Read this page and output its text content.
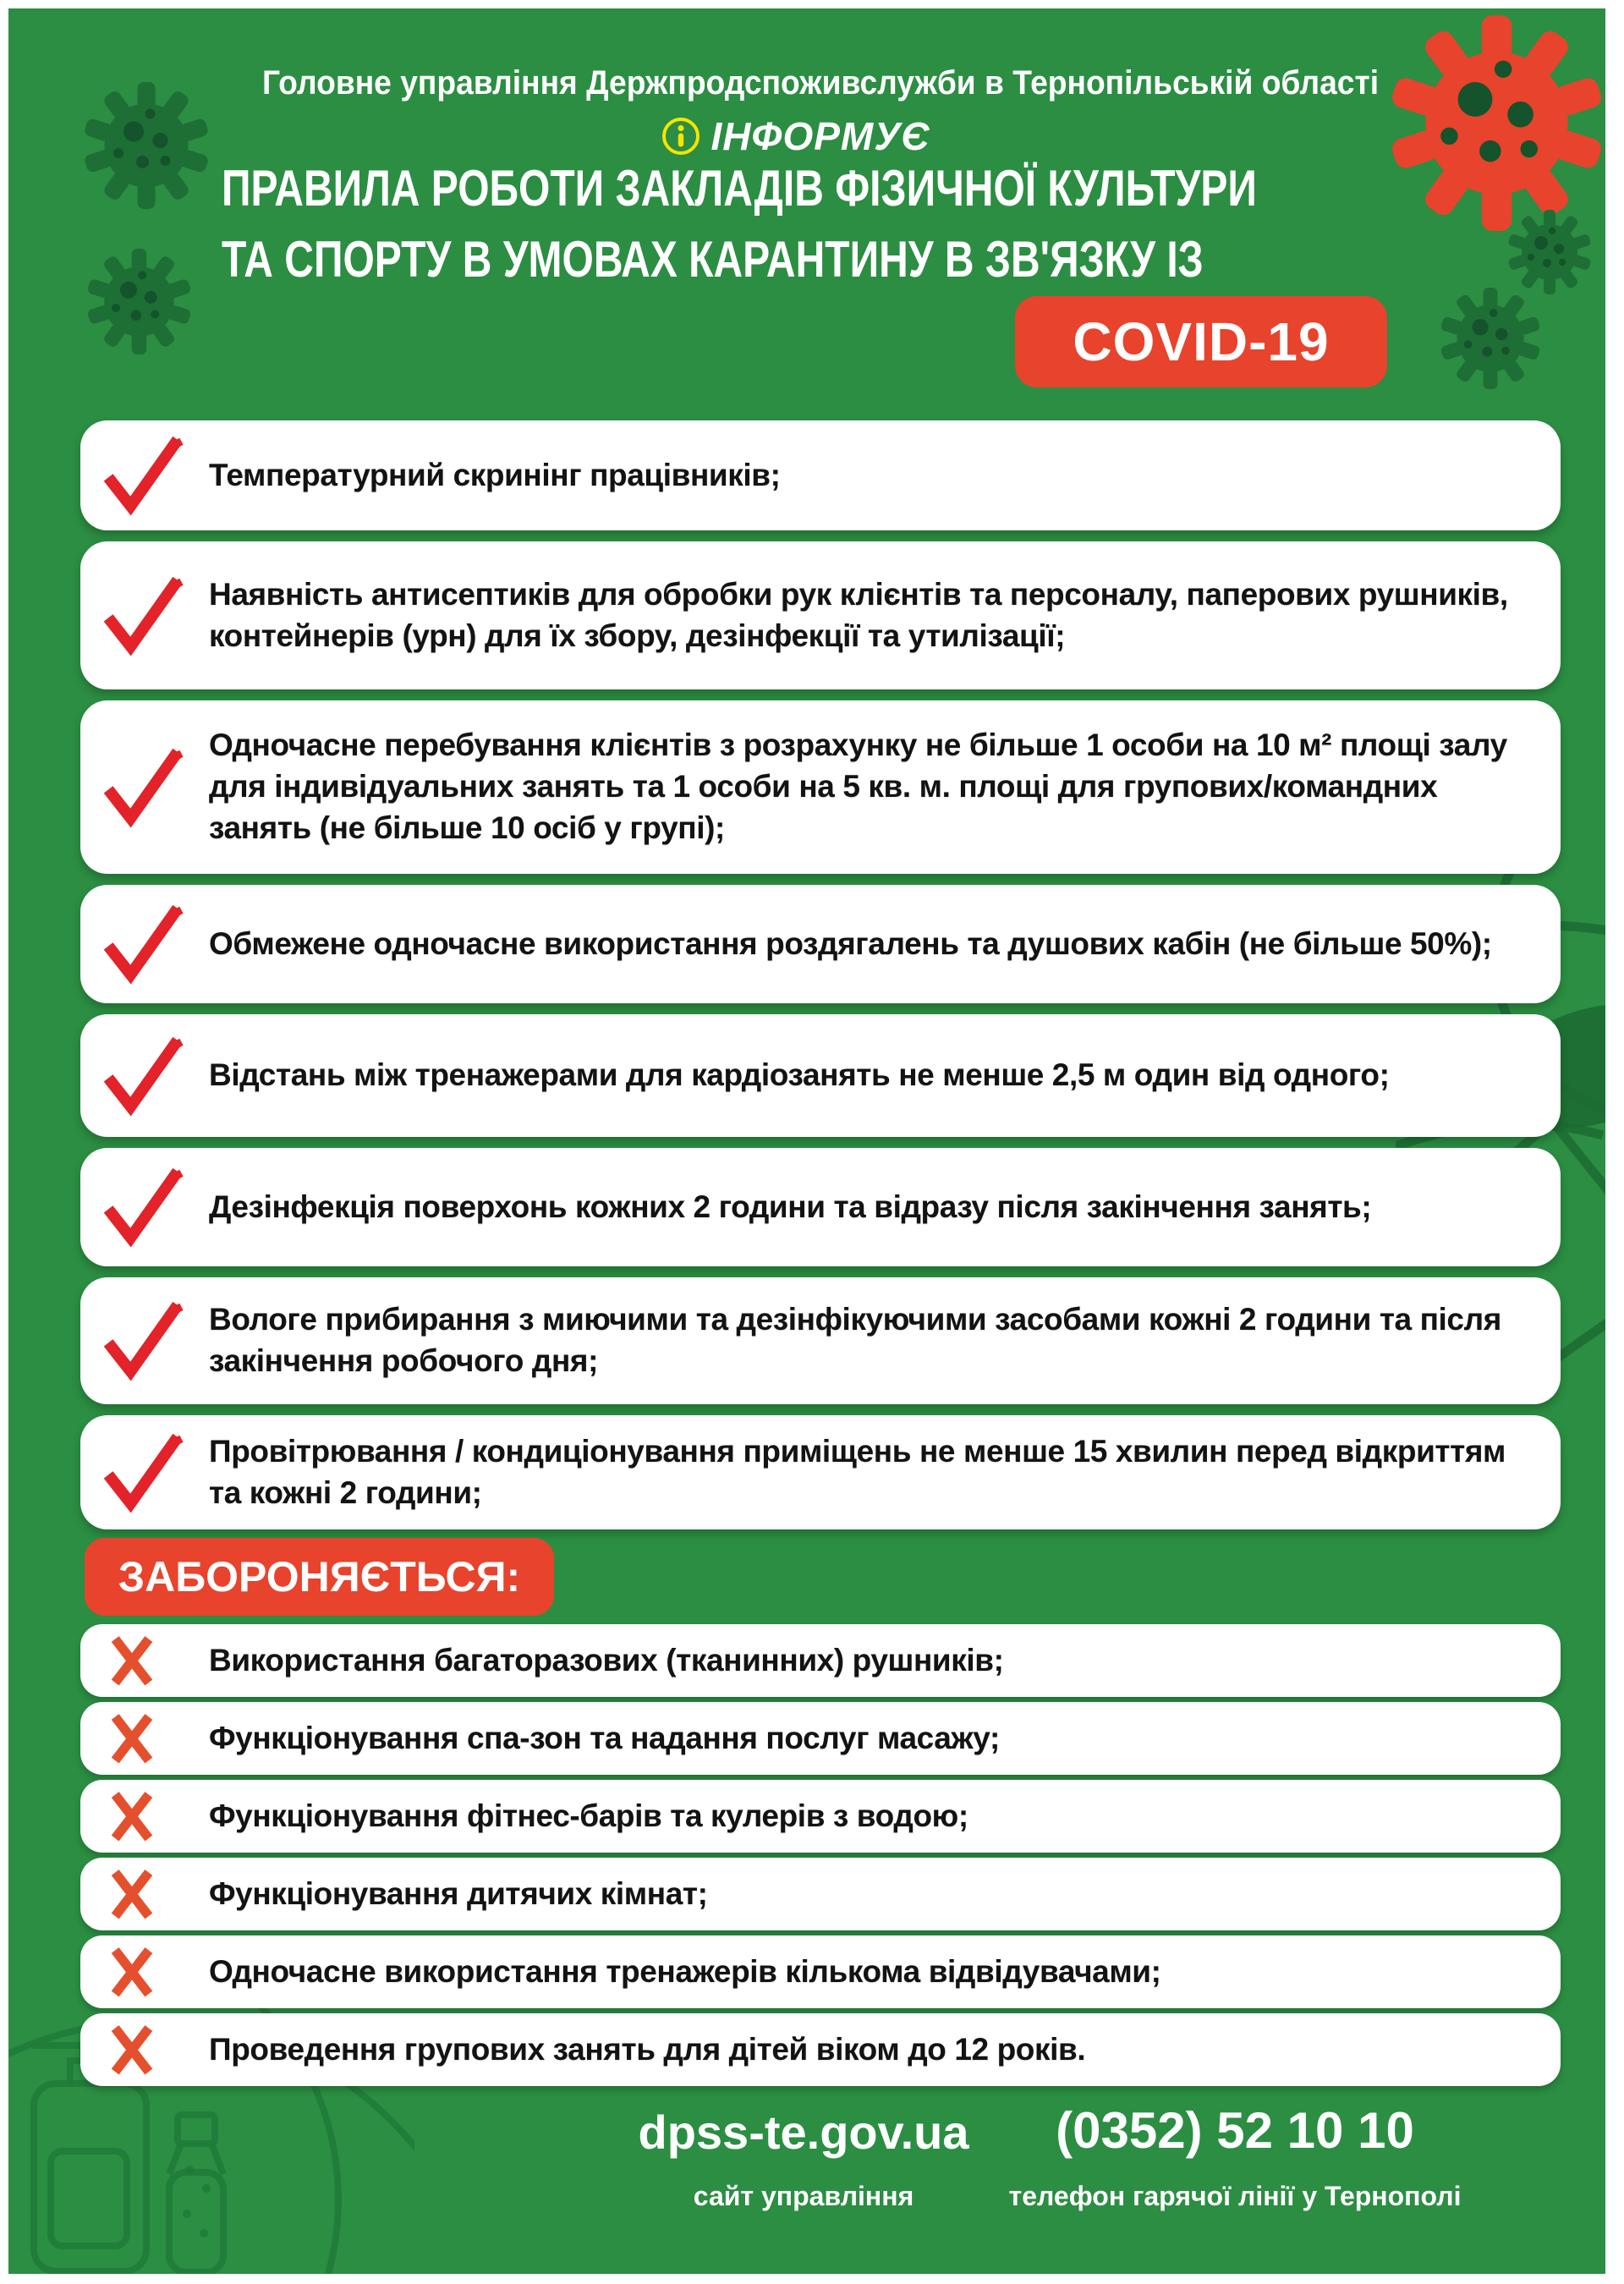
Головне управління Держпродспоживслужби в Тернопільській області
ІНФОРМУЄ
ПРАВИЛА РОБОТИ ЗАКЛАДІВ ФІЗИЧНОЇ КУЛЬТУРИ
ТА СПОРТУ В УМОВАХ КАРАНТИНУ В ЗВ'ЯЗКУ ІЗ
COVID-19
Температурний скринінг працівників;
Наявність антисептиків для обробки рук клієнтів та персоналу, паперових рушників, контейнерів (урн) для їх збору, дезінфекції та утилізації;
Одночасне перебування клієнтів з розрахунку не більше 1 особи на 10 м² площі залу для індивідуальних занять та 1 особи на 5 кв. м. площі для групових/командних занять (не більше 10 осіб у групі);
Обмежене одночасне використання роздягалень та душових кабін (не більше 50%);
Відстань між тренажерами для кардіозанять не менше 2,5 м один від одного;
Дезінфекція поверхонь кожних 2 години та відразу після закінчення занять;
Вологе прибирання з миючими та дезінфікуючими засобами кожні 2 години та після закінчення робочого дня;
Провітрювання / кондиціонування приміщень не менше 15 хвилин перед відкриттям та кожні 2 години;
ЗАБОРОНЯЄТЬСЯ:
Використання багаторазових (тканинних) рушників;
Функціонування спа-зон та надання послуг масажу;
Функціонування фітнес-барів та кулерів з водою;
Функціонування дитячих кімнат;
Одночасне використання тренажерів кількома відвідувачами;
Проведення групових занять для дітей віком до 12 років.
dpss-te.gov.ua
сайт управління
(0352) 52 10 10
телефон гарячої лінії у Тернополі
